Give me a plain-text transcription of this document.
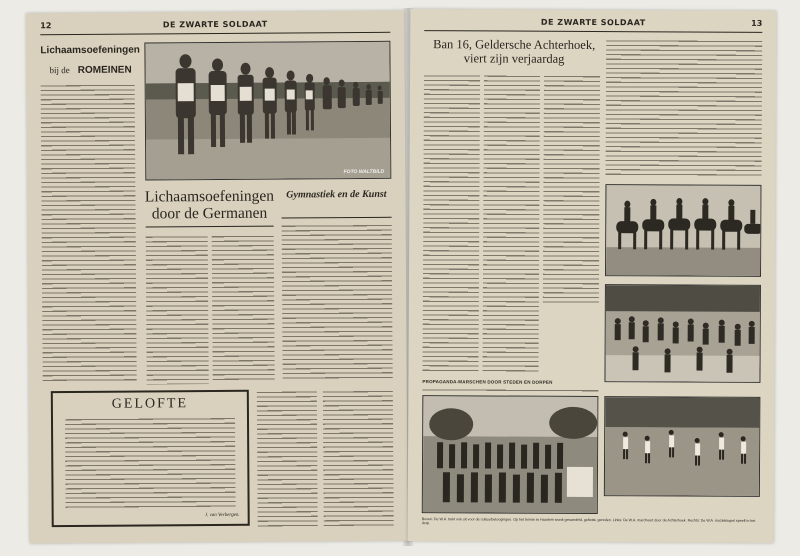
12	DE ZWARTE SOLDAAT
Lichaamsoefeningen
bij de ROMEINEN
FOTO WALTBILD
Lichaamsoefeningen door de Germanen
Gymnastiek en de Kunst
GELOFTE
J. van Verbergen.
DE ZWARTE SOLDAAT	13
Ban 16, Geldersche Achterhoek, viert zijn verjaardag
PROPAGANDA-MARSCHEN DOOR STEDEN EN DORPEN
Boven: De W.A. trekt ook uit voor de cultuurbetoogingen. Op het terrein te Haarlem wordt gewandeld, gefietst, gereden. Links: De W.A. marcheert door de Achterhoek. Rechts: De W.A. muziekkapel speelt in het dorp.
